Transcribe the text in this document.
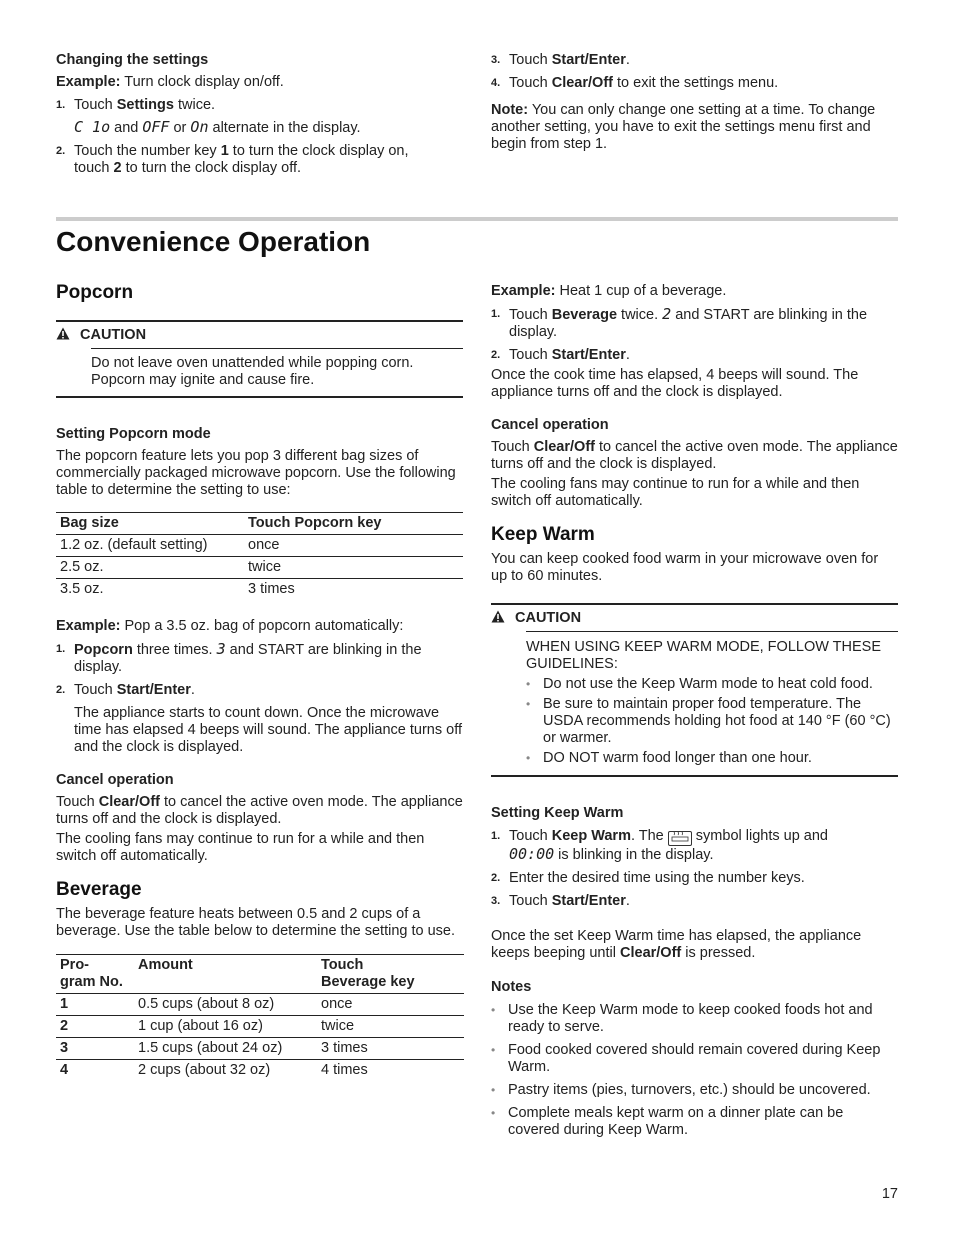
Changing the settings

Example: Turn clock display on/off.

1. Touch Settings twice.
C 1o and OFF or On alternate in the display.
2. Touch the number key 1 to turn the clock display on,
touch 2 to turn the clock display off.
3. Touch Start/Enter.
4. Touch Clear/Off to exit the settings menu.

Note: You can only change one setting at a time. To change another setting, you have to exit the settings menu first and begin from step 1.

Convenience Operation
Popcorn
CAUTION

Do not leave oven unattended while popping corn. Popcorn may ignite and cause fire.

Setting Popcorn mode

The popcorn feature lets you pop 3 different bag sizes of commercially packaged microwave popcorn. Use the following table to determine the setting to use:

Bag size	Touch Popcorn key
1.2 oz. (default setting)	once
2.5 oz.	twice
3.5 oz.	3 times

Example: Pop a 3.5 oz. bag of popcorn automatically:

1. Popcorn three times. 3 and START are blinking in the display.
2. Touch Start/Enter.

The appliance starts to count down. Once the microwave time has elapsed 4 beeps will sound. The appliance turns off and the clock is displayed.

Cancel operation

Touch Clear/Off to cancel the active oven mode. The appliance turns off and the clock is displayed.

The cooling fans may continue to run for a while and then switch off automatically.

Beverage

The beverage feature heats between 0.5 and 2 cups of a beverage. Use the table below to determine the setting to use.

Pro-
gram No.	Amount	Touch
Beverage key
1	0.5 cups (about 8 oz)	once
2	1 cup (about 16 oz)	twice
3	1.5 cups (about 24 oz)	3 times
4	2 cups (about 32 oz)	4 times

Example: Heat 1 cup of a beverage.

1. Touch Beverage twice. 2 and START are blinking in the display.
2. Touch Start/Enter.

Once the cook time has elapsed, 4 beeps will sound. The appliance turns off and the clock is displayed.

Cancel operation

Touch Clear/Off to cancel the active oven mode. The appliance turns off and the clock is displayed.

The cooling fans may continue to run for a while and then switch off automatically.

Keep Warm

You can keep cooked food warm in your microwave oven for up to 60 minutes.

CAUTION

WHEN USING KEEP WARM MODE, FOLLOW THESE GUIDELINES:

• Do not use the Keep Warm mode to heat cold food.
• Be sure to maintain proper food temperature. The USDA recommends holding hot food at 140 °F (60 °C) or warmer.
• DO NOT warm food longer than one hour.

Setting Keep Warm

1. Touch Keep Warm. The  symbol lights up and
00:00 is blinking in the display.
2. Enter the desired time using the number keys.
3. Touch Start/Enter.

Once the set Keep Warm time has elapsed, the appliance keeps beeping until Clear/Off is pressed.

Notes

• Use the Keep Warm mode to keep cooked foods hot and ready to serve.
• Food cooked covered should remain covered during Keep Warm.
• Pastry items (pies, turnovers, etc.) should be uncovered.
• Complete meals kept warm on a dinner plate can be covered during Keep Warm.
17
